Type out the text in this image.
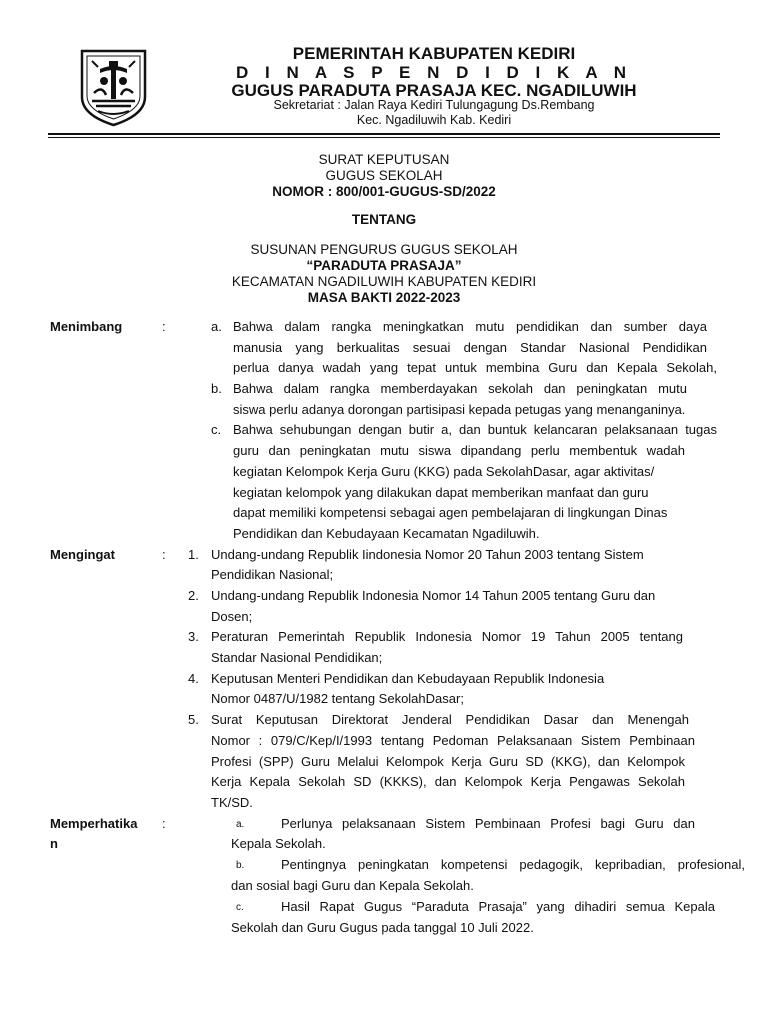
PEMERINTAH KABUPATEN KEDIRI
D I N A S P E N D I D I K A N
GUGUS PARADUTA PRASAJA KEC. NGADILUWIH
Sekretariat : Jalan Raya Kediri Tulungagung Ds.Rembang
Kec. Ngadiluwih Kab. Kediri
SURAT KEPUTUSAN
GUGUS SEKOLAH
NOMOR : 800/001-GUGUS-SD/2022
TENTANG
SUSUNAN PENGURUS GUGUS SEKOLAH
“PARADUTA PRASAJA”
KECAMATAN NGADILUWIH KABUPATEN KEDIRI
MASA BAKTI 2022-2023
Menimbang	:	a. Bahwa dalam rangka meningkatkan mutu pendidikan dan sumber daya
manusia yang berkualitas sesuai dengan Standar Nasional Pendidikan
perlua danya wadah yang tepat untuk membina Guru dan Kepala Sekolah,
b. Bahwa dalam rangka memberdayakan sekolah dan peningkatan mutu
siswa perlu adanya dorongan partisipasi kepada petugas yang menanganinya.
c. Bahwa sehubungan dengan butir a, dan buntuk kelancaran pelaksanaan tugas
guru dan peningkatan mutu siswa dipandang perlu membentuk wadah
kegiatan Kelompok Kerja Guru (KKG) pada SekolahDasar, agar aktivitas/
kegiatan kelompok yang dilakukan dapat memberikan manfaat dan guru
dapat memiliki kompetensi sebagai agen pembelajaran di lingkungan Dinas
Pendidikan dan Kebudayaan Kecamatan Ngadiluwih.
Mengingat	: 1. Undang-undang Republik Iindonesia Nomor 20 Tahun 2003 tentang Sistem
Pendidikan Nasional;
2. Undang-undang Republik Indonesia Nomor 14 Tahun 2005 tentang Guru dan
Dosen;
3. Peraturan Pemerintah Republik Indonesia Nomor 19 Tahun 2005 tentang
Standar Nasional Pendidikan;
4. Keputusan Menteri Pendidikan dan Kebudayaan Republik Indonesia
Nomor 0487/U/1982 tentang SekolahDasar;
5. Surat Keputusan Direktorat Jenderal Pendidikan Dasar dan Menengah
Nomor : 079/C/Kep/I/1993 tentang Pedoman Pelaksanaan Sistem Pembinaan
Profesi (SPP) Guru Melalui Kelompok Kerja Guru SD (KKG), dan Kelompok
Kerja Kepala Sekolah SD (KKKS), dan Kelompok Kerja Pengawas Sekolah
TK/SD.
Memperhatika
n
:	a.	Perlunya pelaksanaan Sistem Pembinaan Profesi bagi Guru dan
Kepala Sekolah.
b.	Pentingnya peningkatan kompetensi pedagogik, kepribadian, profesional,
dan sosial bagi Guru dan Kepala Sekolah.
c.	Hasil Rapat Gugus “Paraduta Prasaja” yang dihadiri semua Kepala
Sekolah dan Guru Gugus pada tanggal 10 Juli 2022.
